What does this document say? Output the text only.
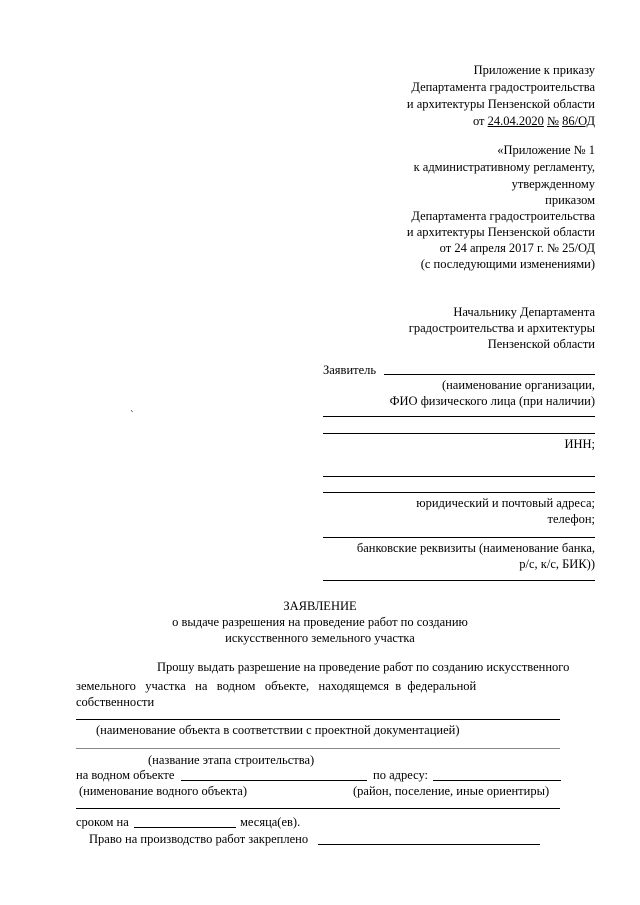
Приложение к приказу
Департамента градостроительства
и архитектуры Пензенской области
от 24.04.2020 № 86/ОД
«Приложение № 1
к административному регламенту,
утвержденному
приказом
Департамента градостроительства
и архитектуры Пензенской области
от 24 апреля 2017 г. № 25/ОД
(с последующими изменениями)
Начальнику Департамента
градостроительства и архитектуры
Пензенской области
Заявитель
(наименование организации,
ФИО физического лица (при наличии)
ИНН;
юридический и почтовый адреса;
телефон;
банковские реквизиты (наименование банка,
р/с, к/с, БИК))
`
ЗАЯВЛЕНИЕ
о выдаче разрешения на проведение работ по созданию
искусственного земельного участка
Прошу выдать разрешение на проведение работ по созданию искусственного
земельного   участка   на   водном   объекте,   находящемся  в  федеральной
собственности
(наименование объекта в соответствии с проектной документацией)
(название этапа строительства)
на водном объекте	по адресу:
(нименование водного объекта)	(район, поселение, иные ориентиры)
сроком на	месяца(ев).
Право на производство работ закреплено
